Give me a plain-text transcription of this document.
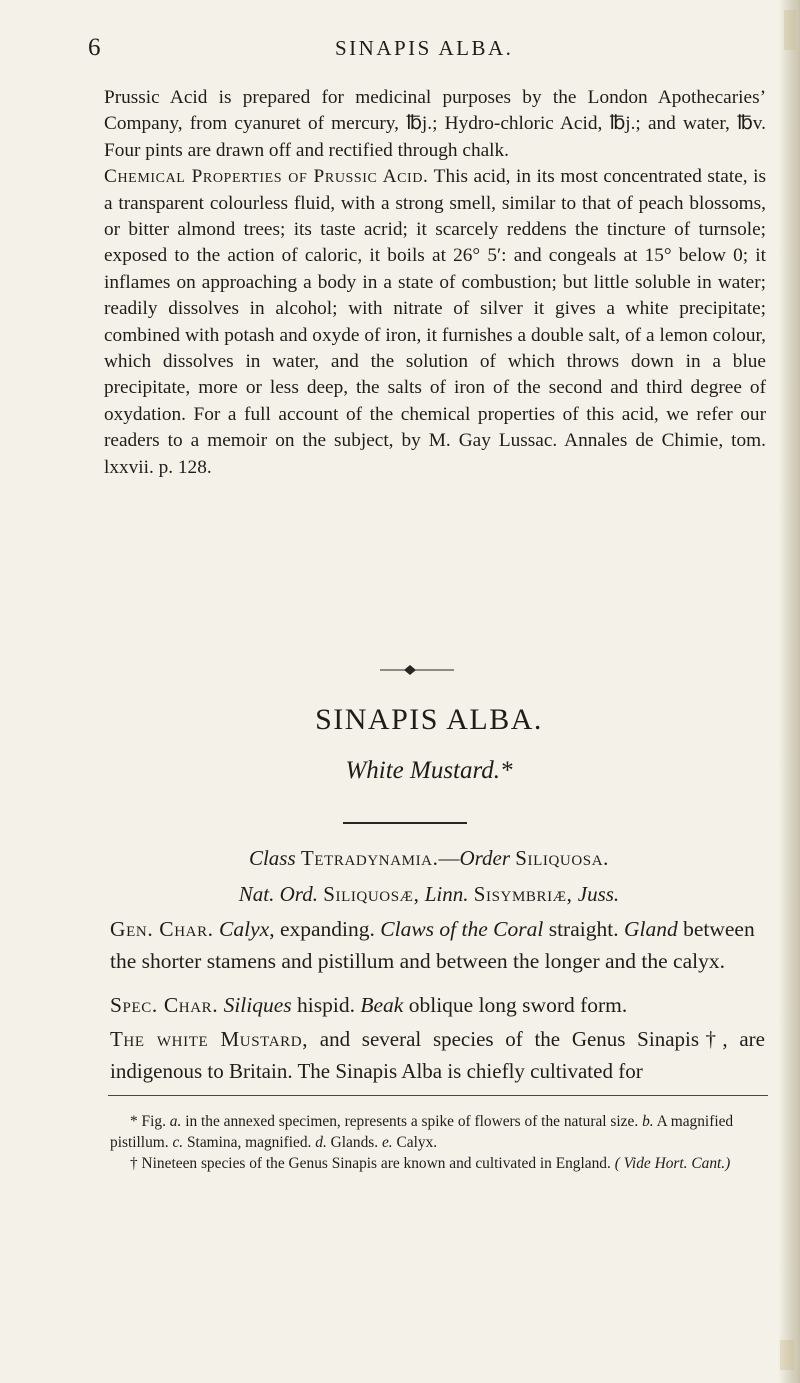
6	SINAPIS ALBA.
Prussic Acid is prepared for medicinal purposes by the London Apothecaries’ Company, from cyanuret of mercury, ℔j.; Hydro-chloric Acid, ℔j.; and water, ℔v. Four pints are drawn off and rectified through chalk.
Chemical Properties of Prussic Acid. This acid, in its most concentrated state, is a transparent colourless fluid, with a strong smell, similar to that of peach blossoms, or bitter almond trees; its taste acrid; it scarcely reddens the tincture of turnsole; exposed to the action of caloric, it boils at 26° 5′: and congeals at 15° below 0; it inflames on approaching a body in a state of combustion; but little soluble in water; readily dissolves in alcohol; with nitrate of silver it gives a white precipitate; combined with potash and oxyde of iron, it furnishes a double salt, of a lemon colour, which dissolves in water, and the solution of which throws down in a blue precipitate, more or less deep, the salts of iron of the second and third degree of oxydation. For a full account of the chemical properties of this acid, we refer our readers to a memoir on the subject, by M. Gay Lussac. Annales de Chimie, tom. lxxvii. p. 128.
SINAPIS ALBA.
White Mustard.*
Class Tetradynamia.—Order Siliquosa.
Nat. Ord. Siliquosæ, Linn. Sisymbriæ, Juss.

Gen. Char. Calyx, expanding. Claws of the Coral straight. Gland between the shorter stamens and pistillum and between the longer and the calyx.

Spec. Char. Siliques hispid. Beak oblique long sword form.

The white Mustard, and several species of the Genus Sinapis†, are indigenous to Britain. The Sinapis Alba is chiefly cultivated for

* Fig. a. in the annexed specimen, represents a spike of flowers of the natural size. b. A magnified pistillum. c. Stamina, magnified. d. Glands. e. Calyx.

† Nineteen species of the Genus Sinapis are known and cultivated in England. ( Vide Hort. Cant.)
